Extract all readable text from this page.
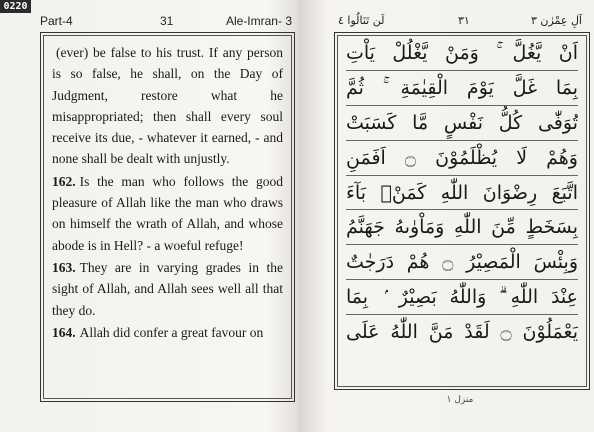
0220
Part-4	31	Ale-Imran- 3	لَن تَنَالُوا ٤	٣١	آلِ عِمْرٰن ٣

(ever) be false to his trust. If any person is so false, he shall, on the Day of Judgment, restore what he misappropriated; then shall every soul receive its due, - whatever it earned, - and none shall be dealt with unjustly.

162. Is the man who follows the good pleasure of Allah like the man who draws on himself the wrath of Allah, and whose abode is in Hell? - a woeful refuge!

163. They are in varying grades in the sight of Allah, and Allah sees well all that they do.

164. Allah did confer a great favour on

اَنْ يَّغُلَّ ۚ وَمَنْ يَّغْلُلْ يَاْتِ
بِمَا غَلَّ يَوْمَ الْقِيٰمَةِ ۚ ثُمَّ
تُوَفّٰى كُلُّ نَفْسٍ مَّا كَسَبَتْ
وَهُمْ لَا يُظْلَمُوْنَ ۝ اَفَمَنِ
اتَّبَعَ رِضْوَانَ اللّٰهِ كَمَنْۢ بَآءَ
بِسَخَطٍ مِّنَ اللّٰهِ وَمَاْوٰىهُ جَهَنَّمُ
وَبِئْسَ الْمَصِيْرُ ۝ هُمْ دَرَجٰتٌ
عِنْدَ اللّٰهِ ۗ وَاللّٰهُ بَصِيْرٌ ۢ بِمَا
يَعْمَلُوْنَ ۝ لَقَدْ مَنَّ اللّٰهُ عَلَى
منزل ١
